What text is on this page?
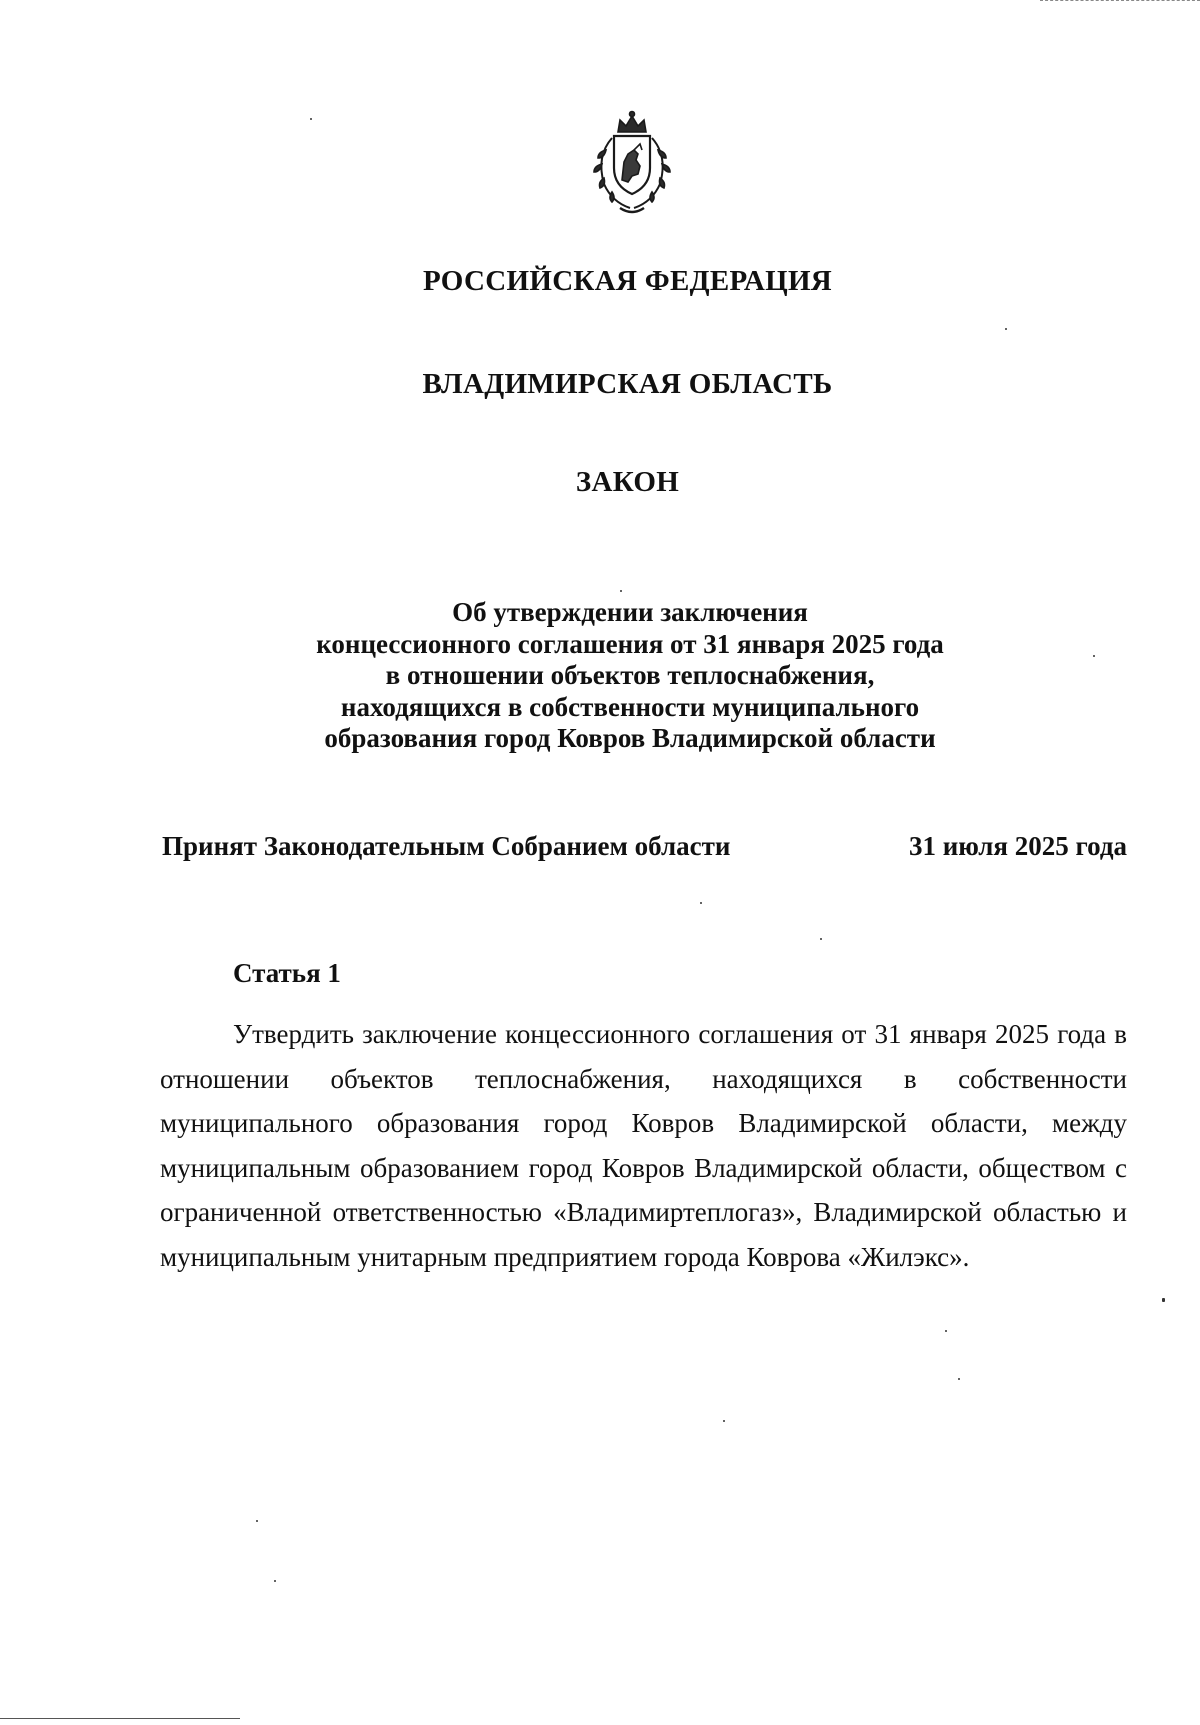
РОССИЙСКАЯ ФЕДЕРАЦИЯ
ВЛАДИМИРСКАЯ ОБЛАСТЬ
ЗАКОН
Об утверждении заключения
концессионного соглашения от 31 января 2025 года
в отношении объектов теплоснабжения,
находящихся в собственности муниципального
образования город Ковров Владимирской области
Принят Законодательным Собранием области	31 июля 2025 года
Статья 1

Утвердить заключение концессионного соглашения от 31 января 2025 года в отношении объектов теплоснабжения, находящихся в собственности муниципального образования город Ковров Владимирской области, между муниципальным образованием город Ковров Владимирской области, обществом с ограниченной ответственностью «Владимиртеплогаз», Владимирской областью и муниципальным унитарным предприятием города Коврова «Жилэкс».
